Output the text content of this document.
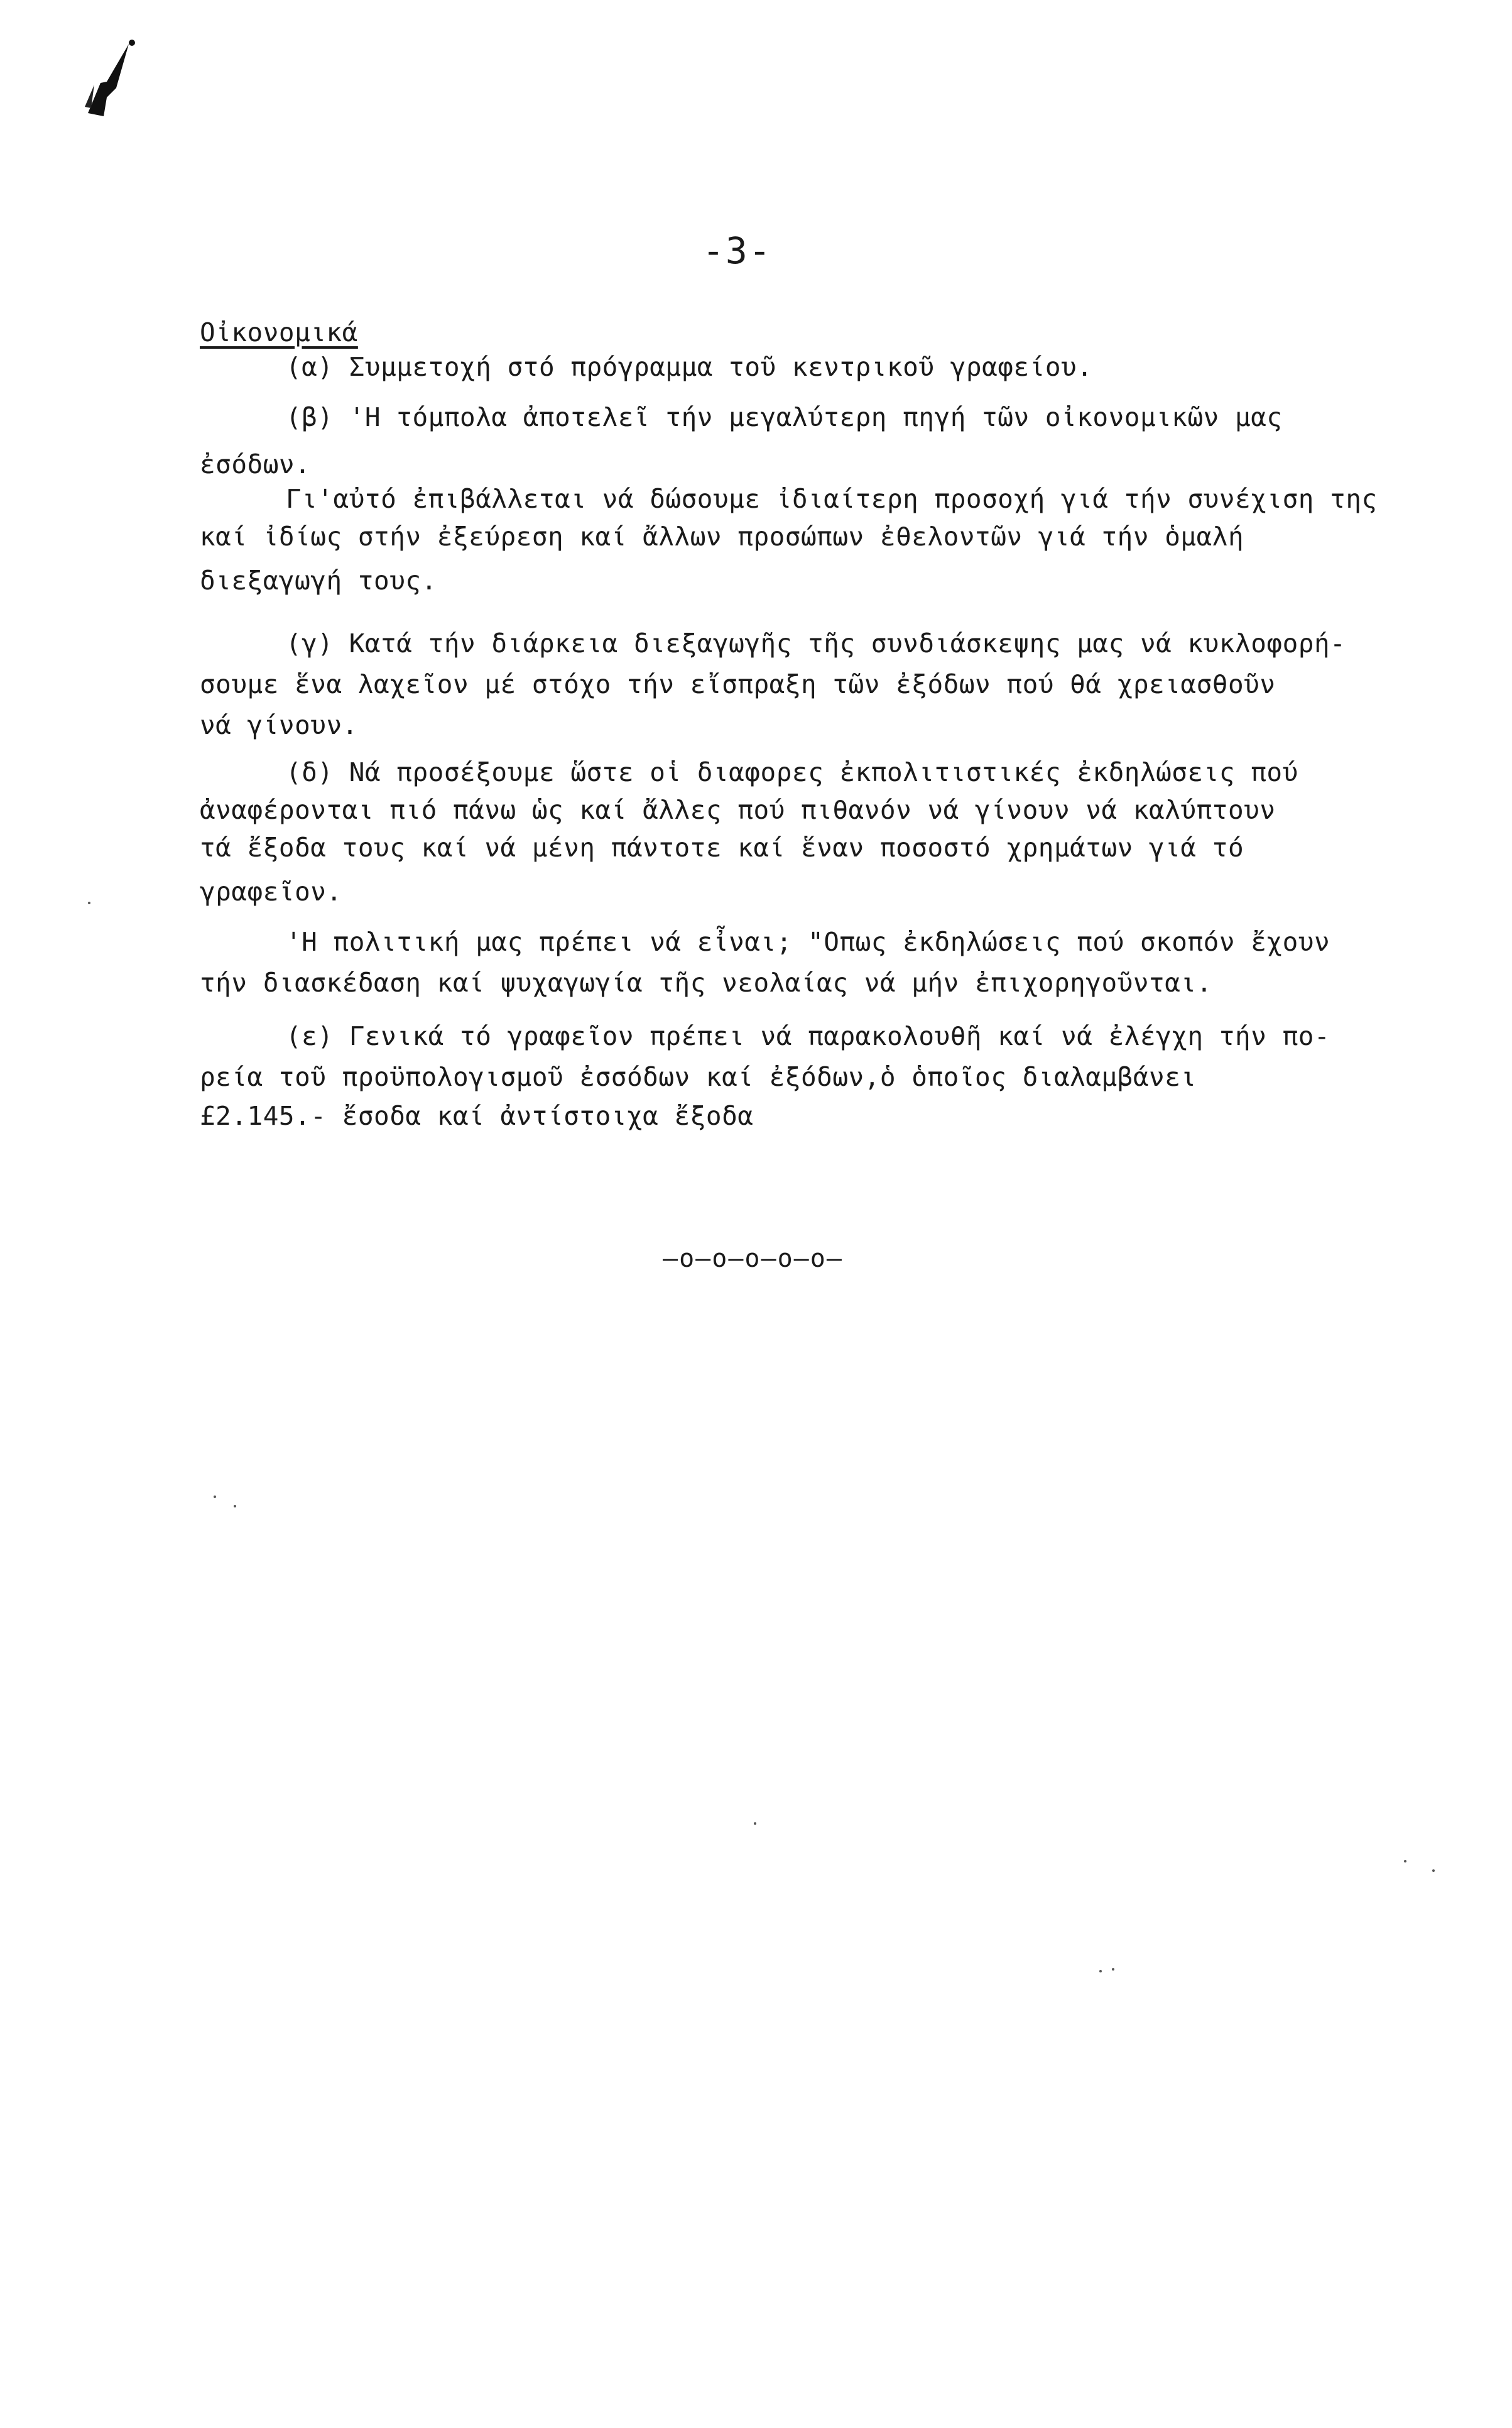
-3-
Οἰκονομικά
(α) Συμμετοχή στό πρόγραμμα τοῦ κεντρικοῦ γραφείου.
(β) 'Η τόμπολα ἀποτελεῖ τήν μεγαλύτερη πηγή τῶν οἰκονομικῶν μας
ἐσόδων.
Γι'αὐτό ἐπιβάλλεται νά δώσουμε ἰδιαίτερη προσοχή γιά τήν συνέχιση της
καί ἰδίως στήν ἐξεύρεση καί ἄλλων προσώπων ἐθελοντῶν γιά τήν ὁμαλή
διεξαγωγή τους.
(γ) Κατά τήν διάρκεια διεξαγωγῆς τῆς συνδιάσκεψης μας νά κυκλοφορή-
σουμε ἕνα λαχεῖον μέ στόχο τήν εἴσπραξη τῶν ἐξόδων πού θά χρειασθοῦν
νά γίνουν.
(δ) Νά προσέξουμε ὥστε οἱ διαφορες ἐκπολιτιστικές ἐκδηλώσεις πού
ἀναφέρονται πιό πάνω ὡς καί ἄλλες πού πιθανόν νά γίνουν νά καλύπτουν
τά ἔξοδα τους καί νά μένη πάντοτε καί ἕναν ποσοστό χρημάτων γιά τό
γραφεῖον.
'Η πολιτική μας πρέπει νά εἶναι; "Οπως ἐκδηλώσεις πού σκοπόν ἔχουν
τήν διασκέδαση καί ψυχαγωγία τῆς νεολαίας νά μήν ἐπιχορηγοῦνται.
(ε) Γενικά τό γραφεῖον πρέπει νά παρακολουθῆ καί νά ἐλέγχη τήν πο-
ρεία τοῦ προϋπολογισμοῦ ἐσσόδων καί ἐξόδων,ὁ ὁποῖος διαλαμβάνει
£2.145.- ἔσοδα καί ἀντίστοιχα ἔξοδα
—o—o—o—o—o—
